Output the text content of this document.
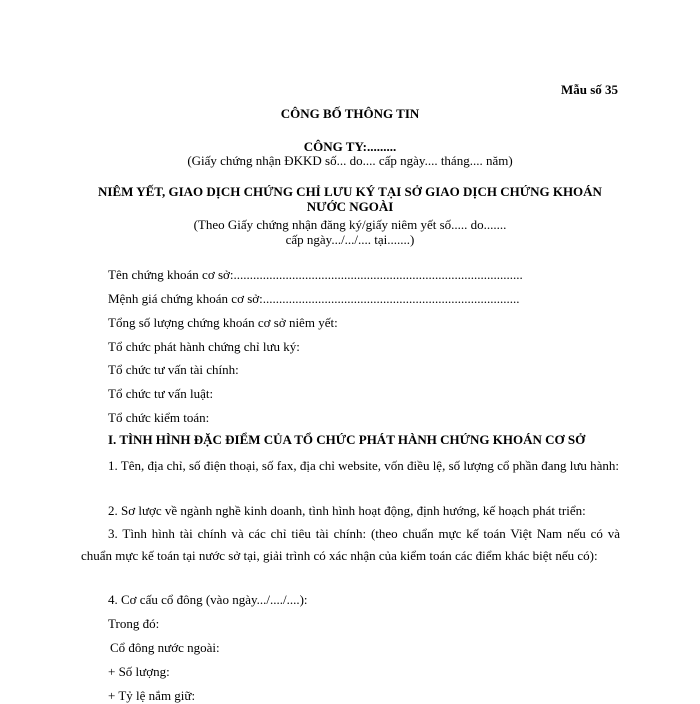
Mẫu số 35
CÔNG BỐ THÔNG TIN
CÔNG TY:.........
(Giấy chứng nhận ĐKKD số... do.... cấp ngày.... tháng.... năm)
NIÊM YẾT, GIAO DỊCH CHỨNG CHỈ LƯU KÝ TẠI SỞ GIAO DỊCH CHỨNG KHOÁN
NƯỚC NGOÀI
(Theo Giấy chứng nhận đăng ký/giấy niêm yết số..... do.......
cấp ngày.../.../.... tại.......)
Tên chứng khoán cơ sở:.........................................................................................
Mệnh giá chứng khoán cơ sở:...............................................................................
Tổng số lượng chứng khoán cơ sở niêm yết:
Tổ chức phát hành chứng chỉ lưu ký:
Tổ chức tư vấn tài chính:
Tổ chức tư vấn luật:
Tổ chức kiểm toán:
I. TÌNH HÌNH ĐẶC ĐIỂM CỦA TỔ CHỨC PHÁT HÀNH CHỨNG KHOÁN CƠ SỞ
1. Tên, địa chỉ, số điện thoại, số fax, địa chỉ website, vốn điều lệ, số lượng cổ phần đang lưu hành:
2. Sơ lược về ngành nghề kinh doanh, tình hình hoạt động, định hướng, kế hoạch phát triển:
3. Tình hình tài chính và các chỉ tiêu tài chính: (theo chuẩn mực kế toán Việt Nam nếu có và chuẩn mực kế toán tại nước sở tại, giải trình có xác nhận của kiểm toán các điểm khác biệt nếu có):
4. Cơ cấu cổ đông (vào ngày.../..../....):
Trong đó:
Cổ đông nước ngoài:
+ Số lượng:
+ Tỷ lệ nắm giữ:
